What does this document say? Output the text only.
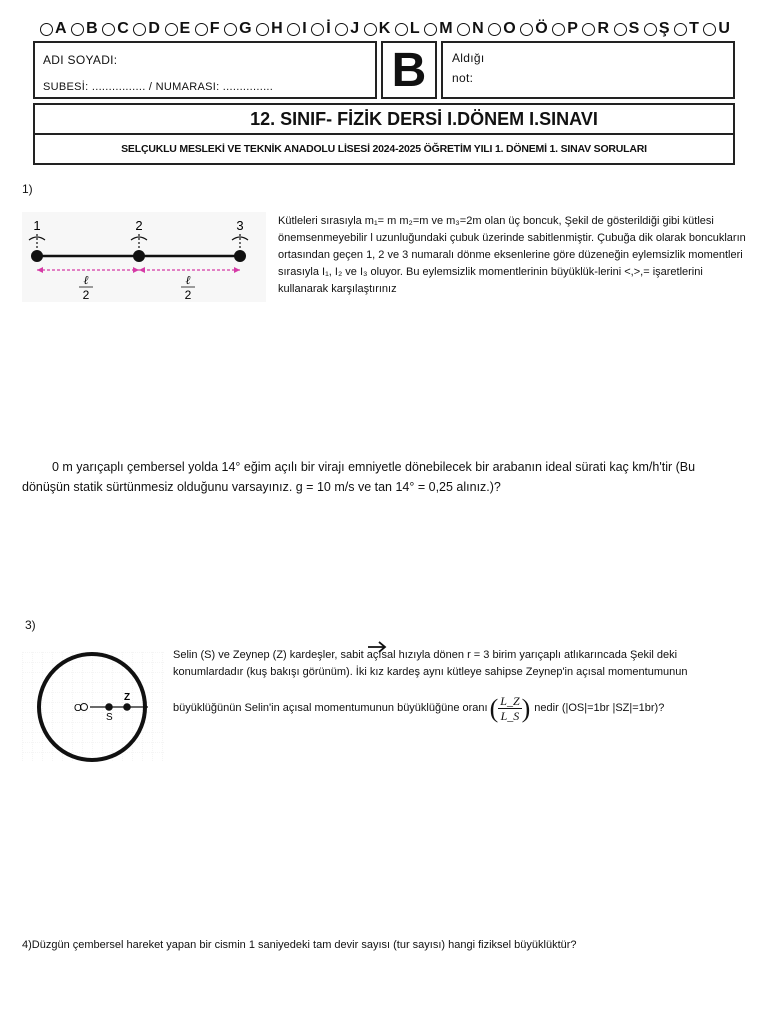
A B C D E F G H I İ J K L M N O Ö P R S Ş T U
ADI SOYADI:
SUBESİ: ................ / NUMARASI: ............... B Aldığı
not:
12. SINIF- FİZİK DERSİ I.DÖNEM I.SINAVI
SELÇUKLU MESLEKİ VE TEKNİK ANADOLU LİSESİ 2024-2025 ÖĞRETİM YILI 1. DÖNEMİ 1. SINAV SORULARI
1)
1	2	3
ℓ
2
ℓ
2
Kütleleri sırasıyla m₁= m m₂=m ve m₃=2m olan üç boncuk, Şekil de gösterildiği gibi kütlesi önemsenmeyebilir l uzunluğundaki çubuk üzerinde sabitlenmiştir. Çubuğa dik olarak boncukların ortasından geçen 1, 2 ve 3 numaralı dönme eksenlerine göre düzeneğin eylemsizlik momentleri sırasıyla I₁, I₂ ve I₃ oluyor. Bu eylemsizlik momentlerinin büyüklük-lerini <,>,= işaretlerini kullanarak karşılaştırınız
0 m yarıçaplı çembersel yolda 14° eğim açılı bir virajı emniyetle dönebilecek bir arabanın ideal sürati kaç km/h'tir (Bu dönüşün statik sürtünmesiz olduğunu varsayınız. g = 10 m/s ve tan 14° = 0,25 alınız.)?
3)
O
S
Z
Selin (S) ve Zeynep (Z) kardeşler, sabit açısal hızıyla dönen r = 3 birim yarıçaplı atlıkarıncada Şekil deki konumlardadır (kuş bakışı görünüm). İki kız kardeş aynı kütleye sahipse Zeynep'in açısal momentumunun
büyüklüğünün Selin'in açısal momentumunun büyüklüğüne oranı ( $\frac{L\_Z}{L\_S}$ ) nedir (|OS|=1br |SZ|=1br)?
4)Düzgün çembersel hareket yapan bir cismin 1 saniyedeki tam devir sayısı (tur sayısı) hangi fiziksel büyüklüktür?
